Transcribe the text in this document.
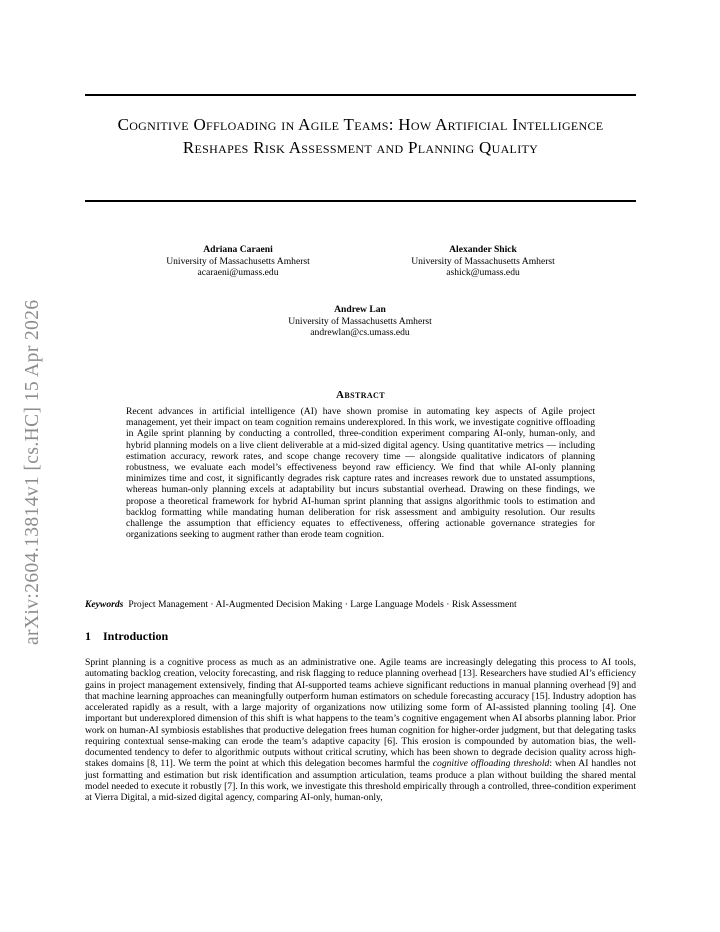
arXiv:2604.13814v1 [cs.HC] 15 Apr 2026
Cognitive Offloading in Agile Teams: How Artificial Intelligence Reshapes Risk Assessment and Planning Quality
Adriana Caraeni
University of Massachusetts Amherst
acaraeni@umass.edu
Alexander Shick
University of Massachusetts Amherst
ashick@umass.edu
Andrew Lan
University of Massachusetts Amherst
andrewlan@cs.umass.edu
Abstract
Recent advances in artificial intelligence (AI) have shown promise in automating key aspects of Agile project management, yet their impact on team cognition remains underexplored. In this work, we investigate cognitive offloading in Agile sprint planning by conducting a controlled, three-condition experiment comparing AI-only, human-only, and hybrid planning models on a live client deliverable at a mid-sized digital agency. Using quantitative metrics — including estimation accuracy, rework rates, and scope change recovery time — alongside qualitative indicators of planning robustness, we evaluate each model’s effectiveness beyond raw efficiency. We find that while AI-only planning minimizes time and cost, it significantly degrades risk capture rates and increases rework due to unstated assumptions, whereas human-only planning excels at adaptability but incurs substantial overhead. Drawing on these findings, we propose a theoretical framework for hybrid AI-human sprint planning that assigns algorithmic tools to estimation and backlog formatting while mandating human deliberation for risk assessment and ambiguity resolution. Our results challenge the assumption that efficiency equates to effectiveness, offering actionable governance strategies for organizations seeking to augment rather than erode team cognition.
Keywords Project Management · AI-Augmented Decision Making · Large Language Models · Risk Assessment
1 Introduction
Sprint planning is a cognitive process as much as an administrative one. Agile teams are increasingly delegating this process to AI tools, automating backlog creation, velocity forecasting, and risk flagging to reduce planning overhead [13]. Researchers have studied AI’s efficiency gains in project management extensively, finding that AI-supported teams achieve significant reductions in manual planning overhead [9] and that machine learning approaches can meaningfully outperform human estimators on schedule forecasting accuracy [15]. Industry adoption has accelerated rapidly as a result, with a large majority of organizations now utilizing some form of AI-assisted planning tooling [4]. One important but underexplored dimension of this shift is what happens to the team’s cognitive engagement when AI absorbs planning labor. Prior work on human-AI symbiosis establishes that productive delegation frees human cognition for higher-order judgment, but that delegating tasks requiring contextual sense-making can erode the team’s adaptive capacity [6]. This erosion is compounded by automation bias, the well-documented tendency to defer to algorithmic outputs without critical scrutiny, which has been shown to degrade decision quality across high-stakes domains [8, 11]. We term the point at which this delegation becomes harmful the cognitive offloading threshold: when AI handles not just formatting and estimation but risk identification and assumption articulation, teams produce a plan without building the shared mental model needed to execute it robustly [7]. In this work, we investigate this threshold empirically through a controlled, three-condition experiment at Vierra Digital, a mid-sized digital agency, comparing AI-only, human-only,
